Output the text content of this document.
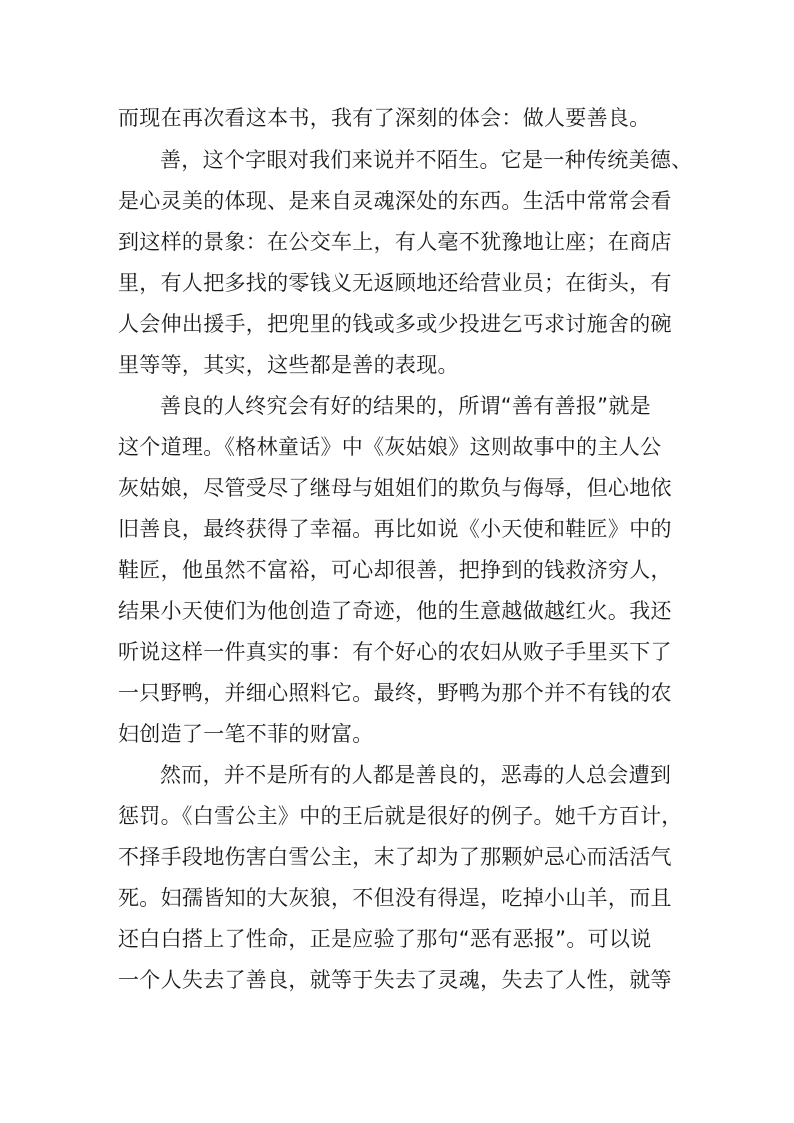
而现在再次看这本书，我有了深刻的体会：做人要善良。
善，这个字眼对我们来说并不陌生。它是一种传统美德、
是心灵美的体现、是来自灵魂深处的东西。生活中常常会看
到这样的景象：在公交车上，有人毫不犹豫地让座；在商店
里，有人把多找的零钱义无返顾地还给营业员；在街头，有
人会伸出援手，把兜里的钱或多或少投进乞丐求讨施舍的碗
里等等，其实，这些都是善的表现。
善良的人终究会有好的结果的，所谓“善有善报”就是
这个道理。《格林童话》中《灰姑娘》这则故事中的主人公
灰姑娘，尽管受尽了继母与姐姐们的欺负与侮辱，但心地依
旧善良，最终获得了幸福。再比如说《小天使和鞋匠》中的
鞋匠，他虽然不富裕，可心却很善，把挣到的钱救济穷人，
结果小天使们为他创造了奇迹，他的生意越做越红火。我还
听说这样一件真实的事：有个好心的农妇从败子手里买下了
一只野鸭，并细心照料它。最终，野鸭为那个并不有钱的农
妇创造了一笔不菲的财富。
然而，并不是所有的人都是善良的，恶毒的人总会遭到
惩罚。《白雪公主》中的王后就是很好的例子。她千方百计，
不择手段地伤害白雪公主，末了却为了那颗妒忌心而活活气
死。妇孺皆知的大灰狼，不但没有得逞，吃掉小山羊，而且
还白白搭上了性命，正是应验了那句“恶有恶报”。可以说
一个人失去了善良，就等于失去了灵魂，失去了人性，就等
